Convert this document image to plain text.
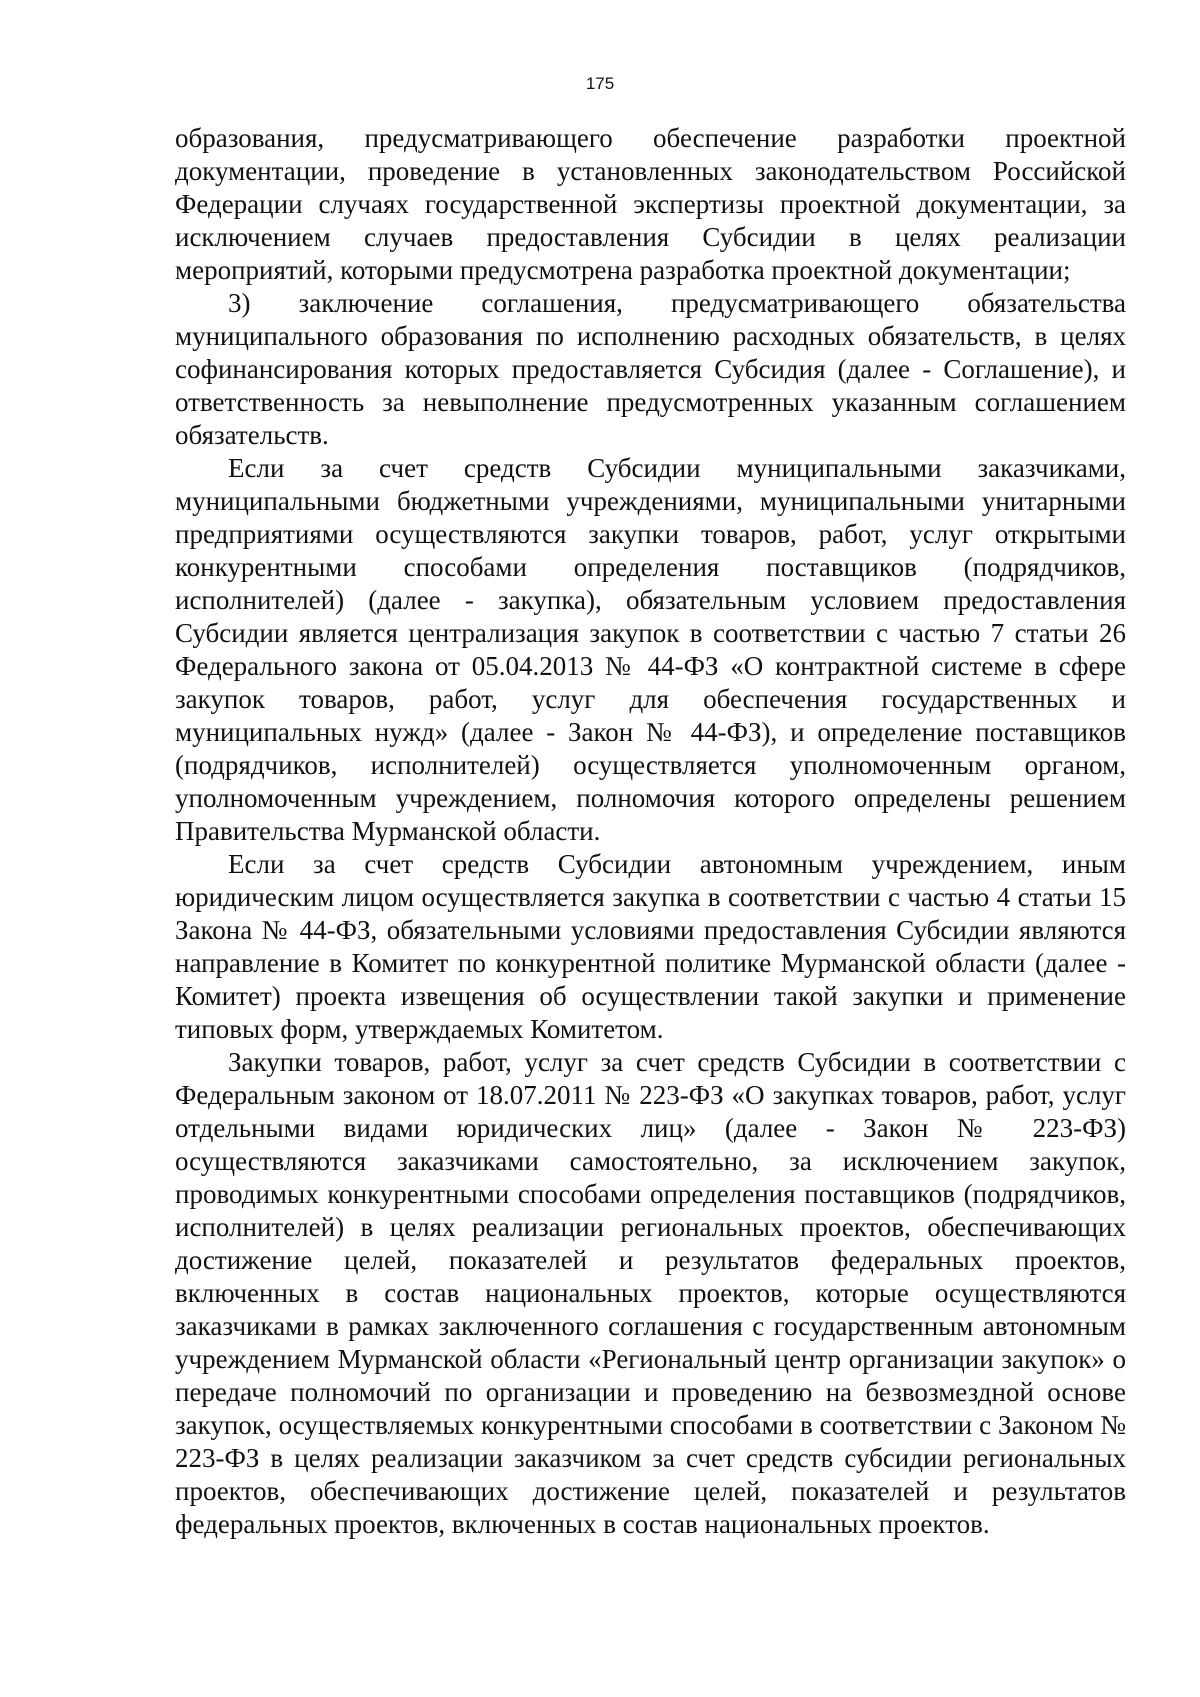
175

образования, предусматривающего обеспечение разработки проектной документации, проведение в установленных законодательством Российской Федерации случаях государственной экспертизы проектной документации, за исключением случаев предоставления Субсидии в целях реализации мероприятий, которыми предусмотрена разработка проектной документации;

3) заключение соглашения, предусматривающего обязательства муниципального образования по исполнению расходных обязательств, в целях софинансирования которых предоставляется Субсидия (далее - Соглашение), и ответственность за невыполнение предусмотренных указанным соглашением обязательств.

Если за счет средств Субсидии муниципальными заказчиками, муниципальными бюджетными учреждениями, муниципальными унитарными предприятиями осуществляются закупки товаров, работ, услуг открытыми конкурентными способами определения поставщиков (подрядчиков, исполнителей) (далее - закупка), обязательным условием предоставления Субсидии является централизация закупок в соответствии с частью 7 статьи 26 Федерального закона от 05.04.2013 № 44-ФЗ «О контрактной системе в сфере закупок товаров, работ, услуг для обеспечения государственных и муниципальных нужд» (далее - Закон № 44-ФЗ), и определение поставщиков (подрядчиков, исполнителей) осуществляется уполномоченным органом, уполномоченным учреждением, полномочия которого определены решением Правительства Мурманской области.

Если за счет средств Субсидии автономным учреждением, иным юридическим лицом осуществляется закупка в соответствии с частью 4 статьи 15 Закона № 44-ФЗ, обязательными условиями предоставления Субсидии являются направление в Комитет по конкурентной политике Мурманской области (далее - Комитет) проекта извещения об осуществлении такой закупки и применение типовых форм, утверждаемых Комитетом.

Закупки товаров, работ, услуг за счет средств Субсидии в соответствии с Федеральным законом от 18.07.2011 № 223-ФЗ «О закупках товаров, работ, услуг отдельными видами юридических лиц» (далее - Закон № 223-ФЗ) осуществляются заказчиками самостоятельно, за исключением закупок, проводимых конкурентными способами определения поставщиков (подрядчиков, исполнителей) в целях реализации региональных проектов, обеспечивающих достижение целей, показателей и результатов федеральных проектов, включенных в состав национальных проектов, которые осуществляются заказчиками в рамках заключенного соглашения с государственным автономным учреждением Мурманской области «Региональный центр организации закупок» о передаче полномочий по организации и проведению на безвозмездной основе закупок, осуществляемых конкурентными способами в соответствии с Законом № 223-ФЗ в целях реализации заказчиком за счет средств субсидии региональных проектов, обеспечивающих достижение целей, показателей и результатов федеральных проектов, включенных в состав национальных проектов.
